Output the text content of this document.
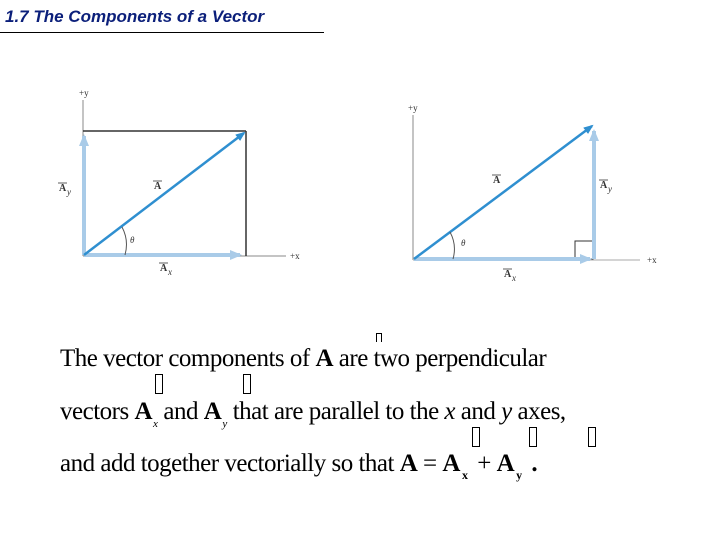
1.7 The Components of a Vector
+y
+x
θ
A
A y
A x
+y
+x
θ
A	A y
A x
The vector components of A are two perpendicular
vectors $A_x$ and $A_y$ that are parallel to the x and y axes,
and add together vectorially so that A = A $_x$ + A $_y$ .
